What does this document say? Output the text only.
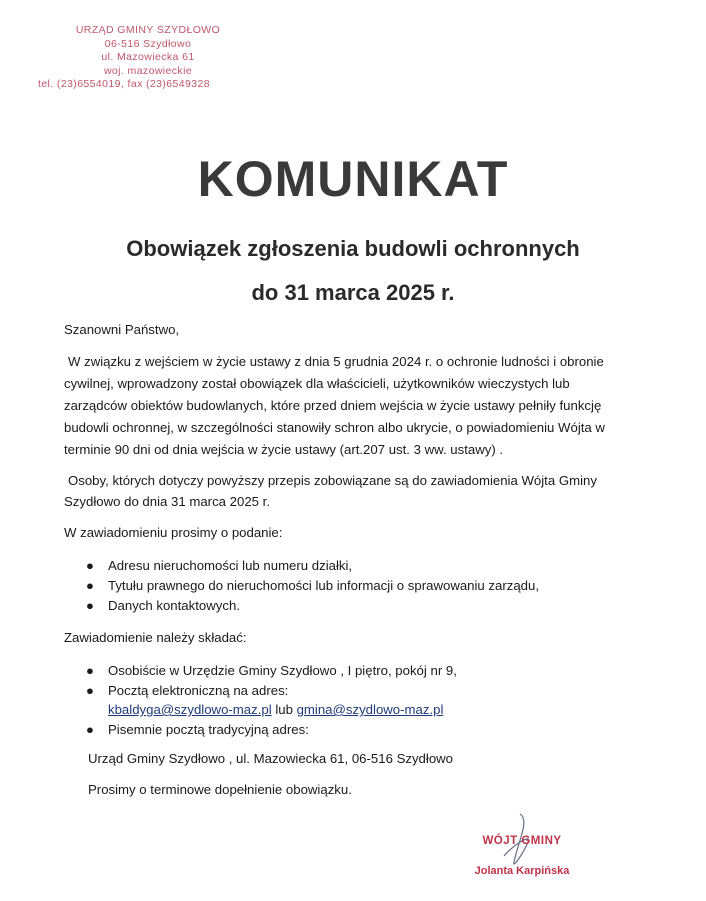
URZĄD GMINY SZYDŁOWO
06-516 Szydłowo
ul. Mazowiecka 61
woj. mazowieckie
tel. (23)6554019, fax (23)6549328
KOMUNIKAT
Obowiązek zgłoszenia budowli ochronnych
do 31 marca 2025 r.

Szanowni Państwo,

W związku z wejściem w życie ustawy z dnia 5 grudnia 2024 r. o ochronie ludności i obronie

cywilnej, wprowadzony został obowiązek dla właścicieli, użytkowników wieczystych lub

zarządców obiektów budowlanych, które przed dniem wejścia w życie ustawy pełniły funkcję

budowli ochronnej, w szczególności stanowiły schron albo ukrycie, o powiadomieniu Wójta w

terminie 90 dni od dnia wejścia w życie ustawy (art.207 ust. 3 ww. ustawy) .

Osoby, których dotyczy powyższy przepis zobowiązane są do zawiadomienia Wójta Gminy

Szydłowo do dnia 31 marca 2025 r.

W zawiadomieniu prosimy o podanie:

● Adresu nieruchomości lub numeru działki,
● Tytułu prawnego do nieruchomości lub informacji o sprawowaniu zarządu,
● Danych kontaktowych.

Zawiadomienie należy składać:

● Osobiście w Urzędzie Gminy Szydłowo , I piętro, pokój nr 9,
● Pocztą elektroniczną na adres:
kbaldyga@szydlowo-maz.pl lub gmina@szydlowo-maz.pl
● Pisemnie pocztą tradycyjną adres:

Urząd Gminy Szydłowo , ul. Mazowiecka 61, 06-516 Szydłowo

Prosimy o terminowe dopełnienie obowiązku.

WÓJT GMINY
Jolanta Karpińska
